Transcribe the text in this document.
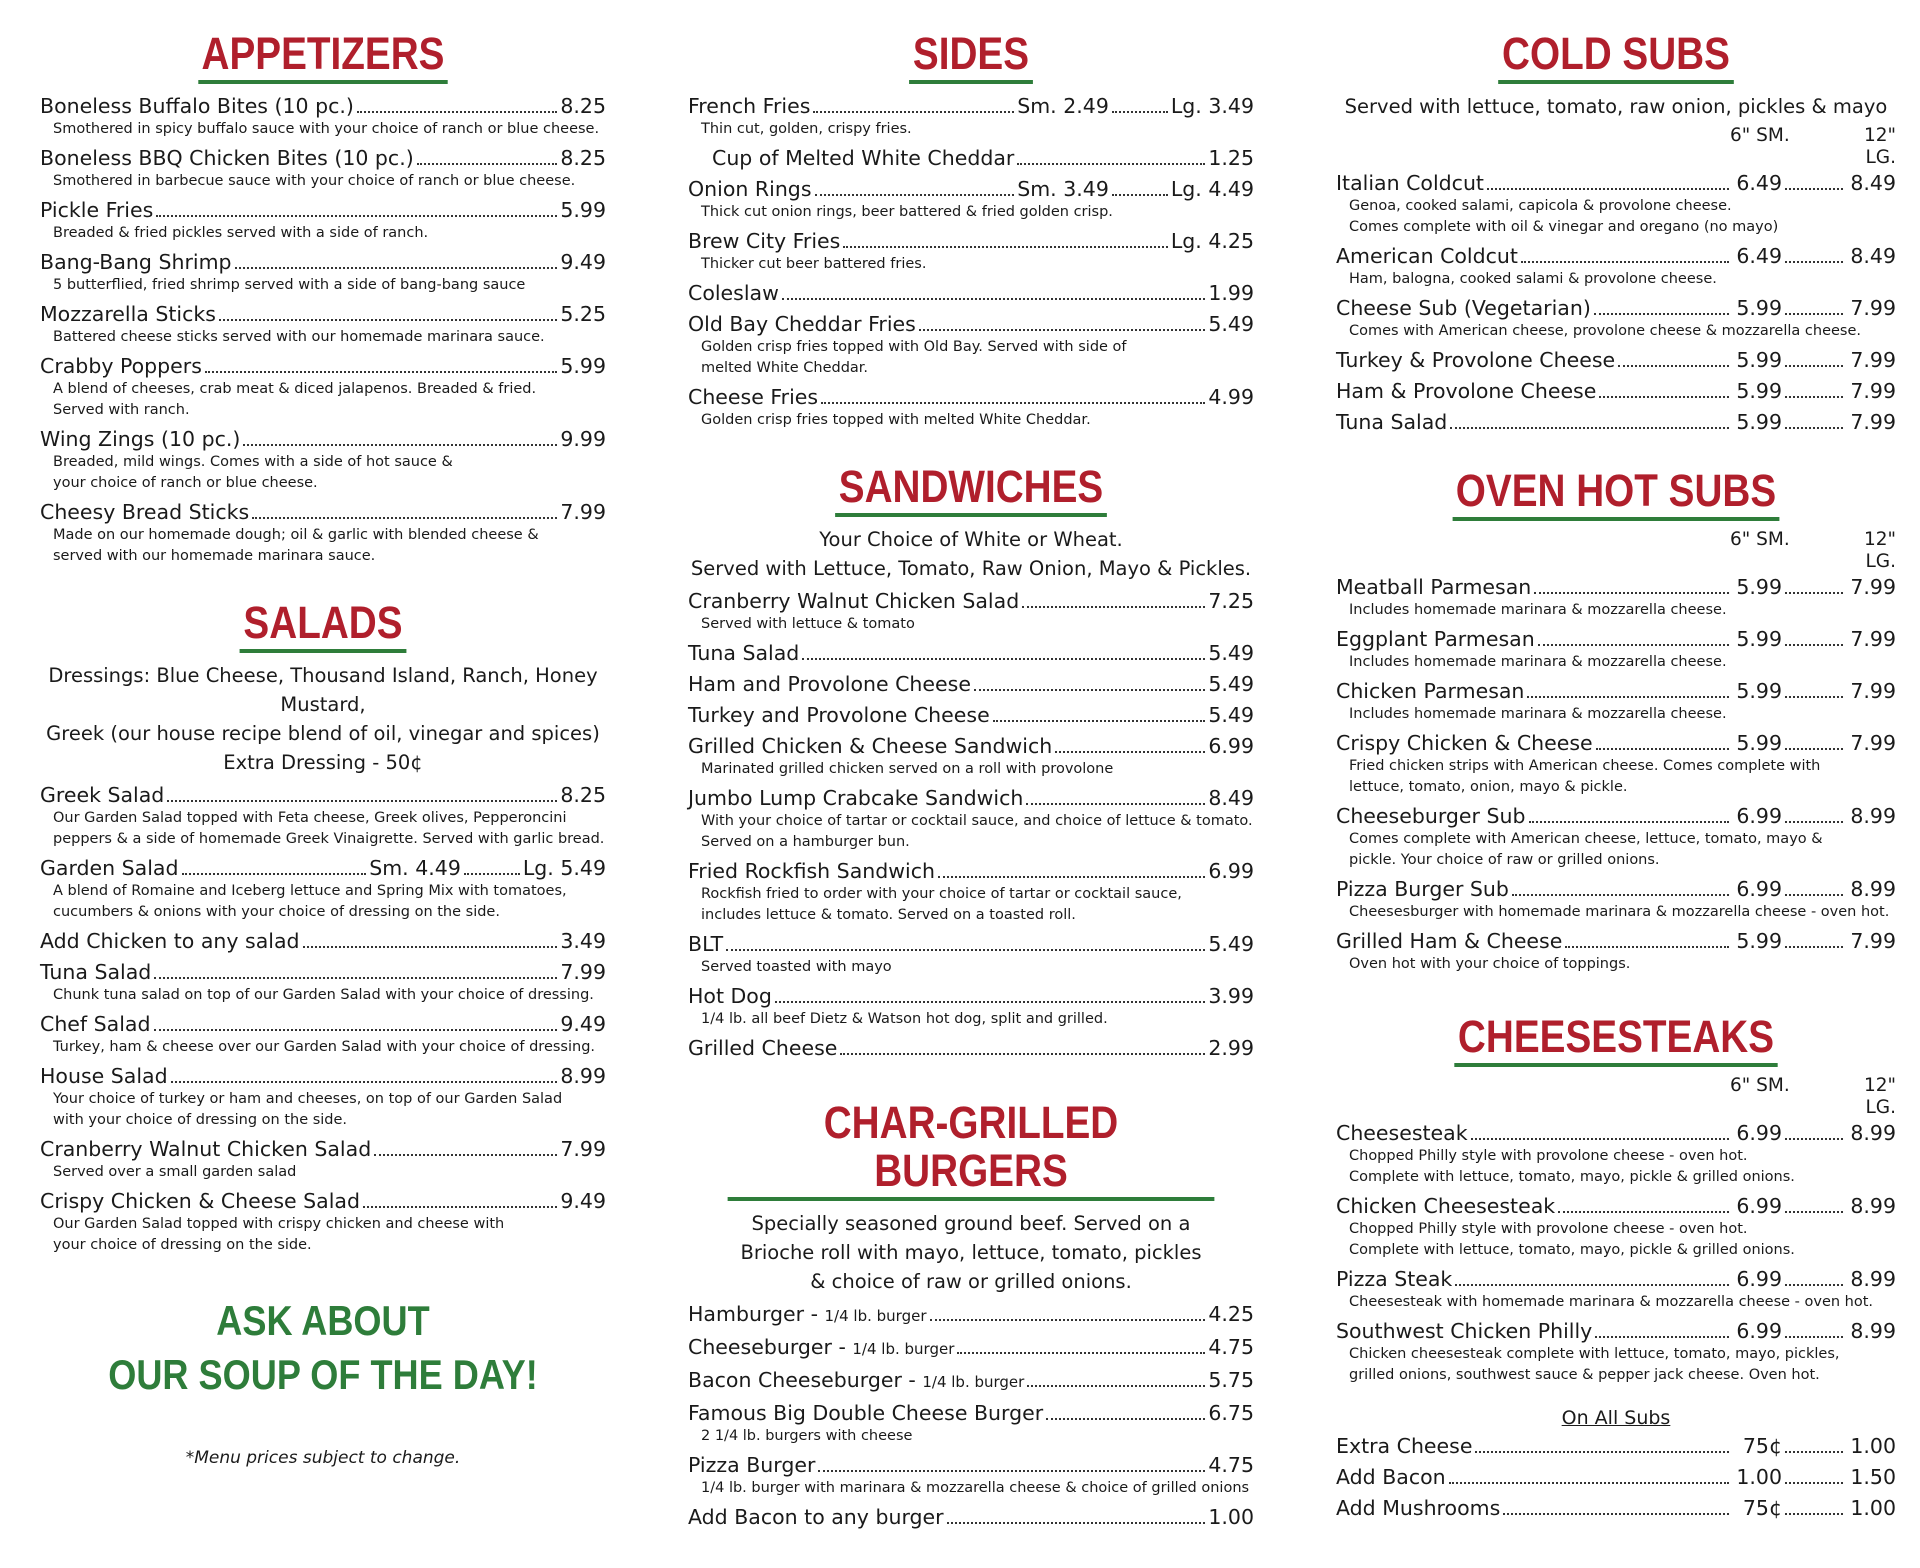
APPETIZERS
Boneless Buffalo Bites (10 pc.)	8.25
Smothered in spicy buffalo sauce with your choice of ranch or blue cheese.
Boneless BBQ Chicken Bites (10 pc.)	8.25
Smothered in barbecue sauce with your choice of ranch or blue cheese.
Pickle Fries	5.99
Breaded & fried pickles served with a side of ranch.
Bang-Bang Shrimp	9.49
5 butterflied, fried shrimp served with a side of bang-bang sauce
Mozzarella Sticks	5.25
Battered cheese sticks served with our homemade marinara sauce.
Crabby Poppers	5.99
A blend of cheeses, crab meat & diced jalapenos. Breaded & fried.
Served with ranch.
Wing Zings (10 pc.)	9.99
Breaded, mild wings. Comes with a side of hot sauce &
your choice of ranch or blue cheese.
Cheesy Bread Sticks	7.99
Made on our homemade dough; oil & garlic with blended cheese &
served with our homemade marinara sauce.
SALADS
Dressings: Blue Cheese, Thousand Island, Ranch, Honey Mustard,
Greek (our house recipe blend of oil, vinegar and spices)
Extra Dressing - 50¢
Greek Salad	8.25
Our Garden Salad topped with Feta cheese, Greek olives, Pepperoncini
peppers & a side of homemade Greek Vinaigrette. Served with garlic bread.
Garden Salad	Sm. 4.49	Lg. 5.49
A blend of Romaine and Iceberg lettuce and Spring Mix with tomatoes,
cucumbers & onions with your choice of dressing on the side.
Add Chicken to any salad	3.49
Tuna Salad	7.99
Chunk tuna salad on top of our Garden Salad with your choice of dressing.
Chef Salad	9.49
Turkey, ham & cheese over our Garden Salad with your choice of dressing.
House Salad	8.99
Your choice of turkey or ham and cheeses, on top of our Garden Salad
with your choice of dressing on the side.
Cranberry Walnut Chicken Salad	7.99
Served over a small garden salad
Crispy Chicken & Cheese Salad	9.49
Our Garden Salad topped with crispy chicken and cheese with
your choice of dressing on the side.
ASK ABOUT
OUR SOUP OF THE DAY!
*Menu prices subject to change.
SIDES
French Fries	Sm. 2.49	Lg. 3.49
Thin cut, golden, crispy fries.
Cup of Melted White Cheddar	1.25
Onion Rings	Sm. 3.49	Lg. 4.49
Thick cut onion rings, beer battered & fried golden crisp.
Brew City Fries	Lg. 4.25
Thicker cut beer battered fries.
Coleslaw	1.99
Old Bay Cheddar Fries	5.49
Golden crisp fries topped with Old Bay. Served with side of
melted White Cheddar.
Cheese Fries	4.99
Golden crisp fries topped with melted White Cheddar.
SANDWICHES
Your Choice of White or Wheat.
Served with Lettuce, Tomato, Raw Onion, Mayo & Pickles.
Cranberry Walnut Chicken Salad	7.25
Served with lettuce & tomato
Tuna Salad	5.49
Ham and Provolone Cheese	5.49
Turkey and Provolone Cheese	5.49
Grilled Chicken & Cheese Sandwich	6.99
Marinated grilled chicken served on a roll with provolone
Jumbo Lump Crabcake Sandwich	8.49
With your choice of tartar or cocktail sauce, and choice of lettuce & tomato.
Served on a hamburger bun.
Fried Rockfish Sandwich	6.99
Rockfish fried to order with your choice of tartar or cocktail sauce,
includes lettuce & tomato. Served on a toasted roll.
BLT	5.49
Served toasted with mayo
Hot Dog	3.99
1/4 lb. all beef Dietz & Watson hot dog, split and grilled.
Grilled Cheese	2.99
CHAR-GRILLED BURGERS
Specially seasoned ground beef. Served on a
Brioche roll with mayo, lettuce, tomato, pickles
& choice of raw or grilled onions.
Hamburger - 1/4 lb. burger	4.25
Cheeseburger - 1/4 lb. burger	4.75
Bacon Cheeseburger - 1/4 lb. burger	5.75
Famous Big Double Cheese Burger	6.75
2 1/4 lb. burgers with cheese
Pizza Burger	4.75
1/4 lb. burger with marinara & mozzarella cheese & choice of grilled onions
Add Bacon to any burger	1.00
COLD SUBS
Served with lettuce, tomato, raw onion, pickles & mayo
6" SM.	12" LG.
Italian Coldcut	6.49	8.49
Genoa, cooked salami, capicola & provolone cheese.
Comes complete with oil & vinegar and oregano (no mayo)
American Coldcut	6.49	8.49
Ham, balogna, cooked salami & provolone cheese.
Cheese Sub (Vegetarian)	5.99	7.99
Comes with American cheese, provolone cheese & mozzarella cheese.
Turkey & Provolone Cheese	5.99	7.99
Ham & Provolone Cheese	5.99	7.99
Tuna Salad	5.99	7.99
OVEN HOT SUBS
6" SM.	12" LG.
Meatball Parmesan	5.99	7.99
Includes homemade marinara & mozzarella cheese.
Eggplant Parmesan	5.99	7.99
Includes homemade marinara & mozzarella cheese.
Chicken Parmesan	5.99	7.99
Includes homemade marinara & mozzarella cheese.
Crispy Chicken & Cheese	5.99	7.99
Fried chicken strips with American cheese. Comes complete with
lettuce, tomato, onion, mayo & pickle.
Cheeseburger Sub	6.99	8.99
Comes complete with American cheese, lettuce, tomato, mayo &
pickle. Your choice of raw or grilled onions.
Pizza Burger Sub	6.99	8.99
Cheesesburger with homemade marinara & mozzarella cheese - oven hot.
Grilled Ham & Cheese	5.99	7.99
Oven hot with your choice of toppings.
CHEESESTEAKS
6" SM.	12" LG.
Cheesesteak	6.99	8.99
Chopped Philly style with provolone cheese - oven hot.
Complete with lettuce, tomato, mayo, pickle & grilled onions.
Chicken Cheesesteak	6.99	8.99
Chopped Philly style with provolone cheese - oven hot.
Complete with lettuce, tomato, mayo, pickle & grilled onions.
Pizza Steak	6.99	8.99
Cheesesteak with homemade marinara & mozzarella cheese - oven hot.
Southwest Chicken Philly	6.99	8.99
Chicken cheesesteak complete with lettuce, tomato, mayo, pickles,
grilled onions, southwest sauce & pepper jack cheese. Oven hot.
On All Subs
Extra Cheese	75¢	1.00
Add Bacon	1.00	1.50
Add Mushrooms	75¢	1.00
